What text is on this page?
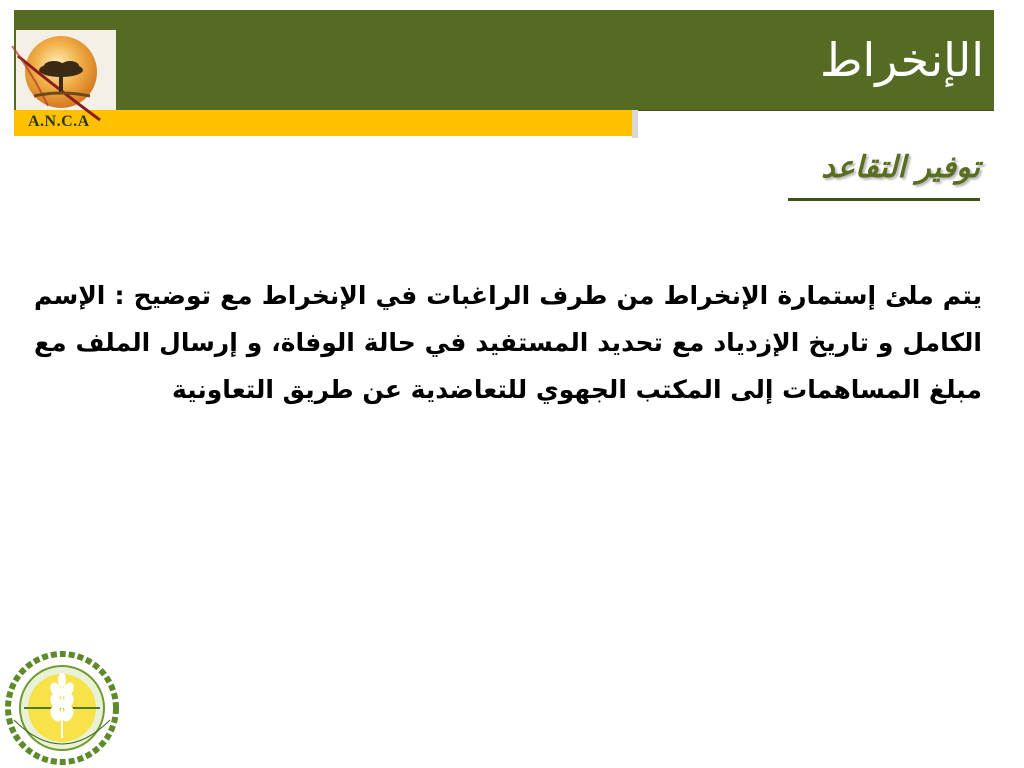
الإنخراط
A.N.C.A
توفير التقاعد
يتم ملئ إستمارة الإنخراط من طرف الراغبات في الإنخراط مع توضيح : الإسم الكامل و تاريخ الإزدياد مع تحديد المستفيد في حالة الوفاة، و إرسال الملف مع مبلغ المساهمات إلى المكتب الجهوي للتعاضدية عن طريق التعاونية
